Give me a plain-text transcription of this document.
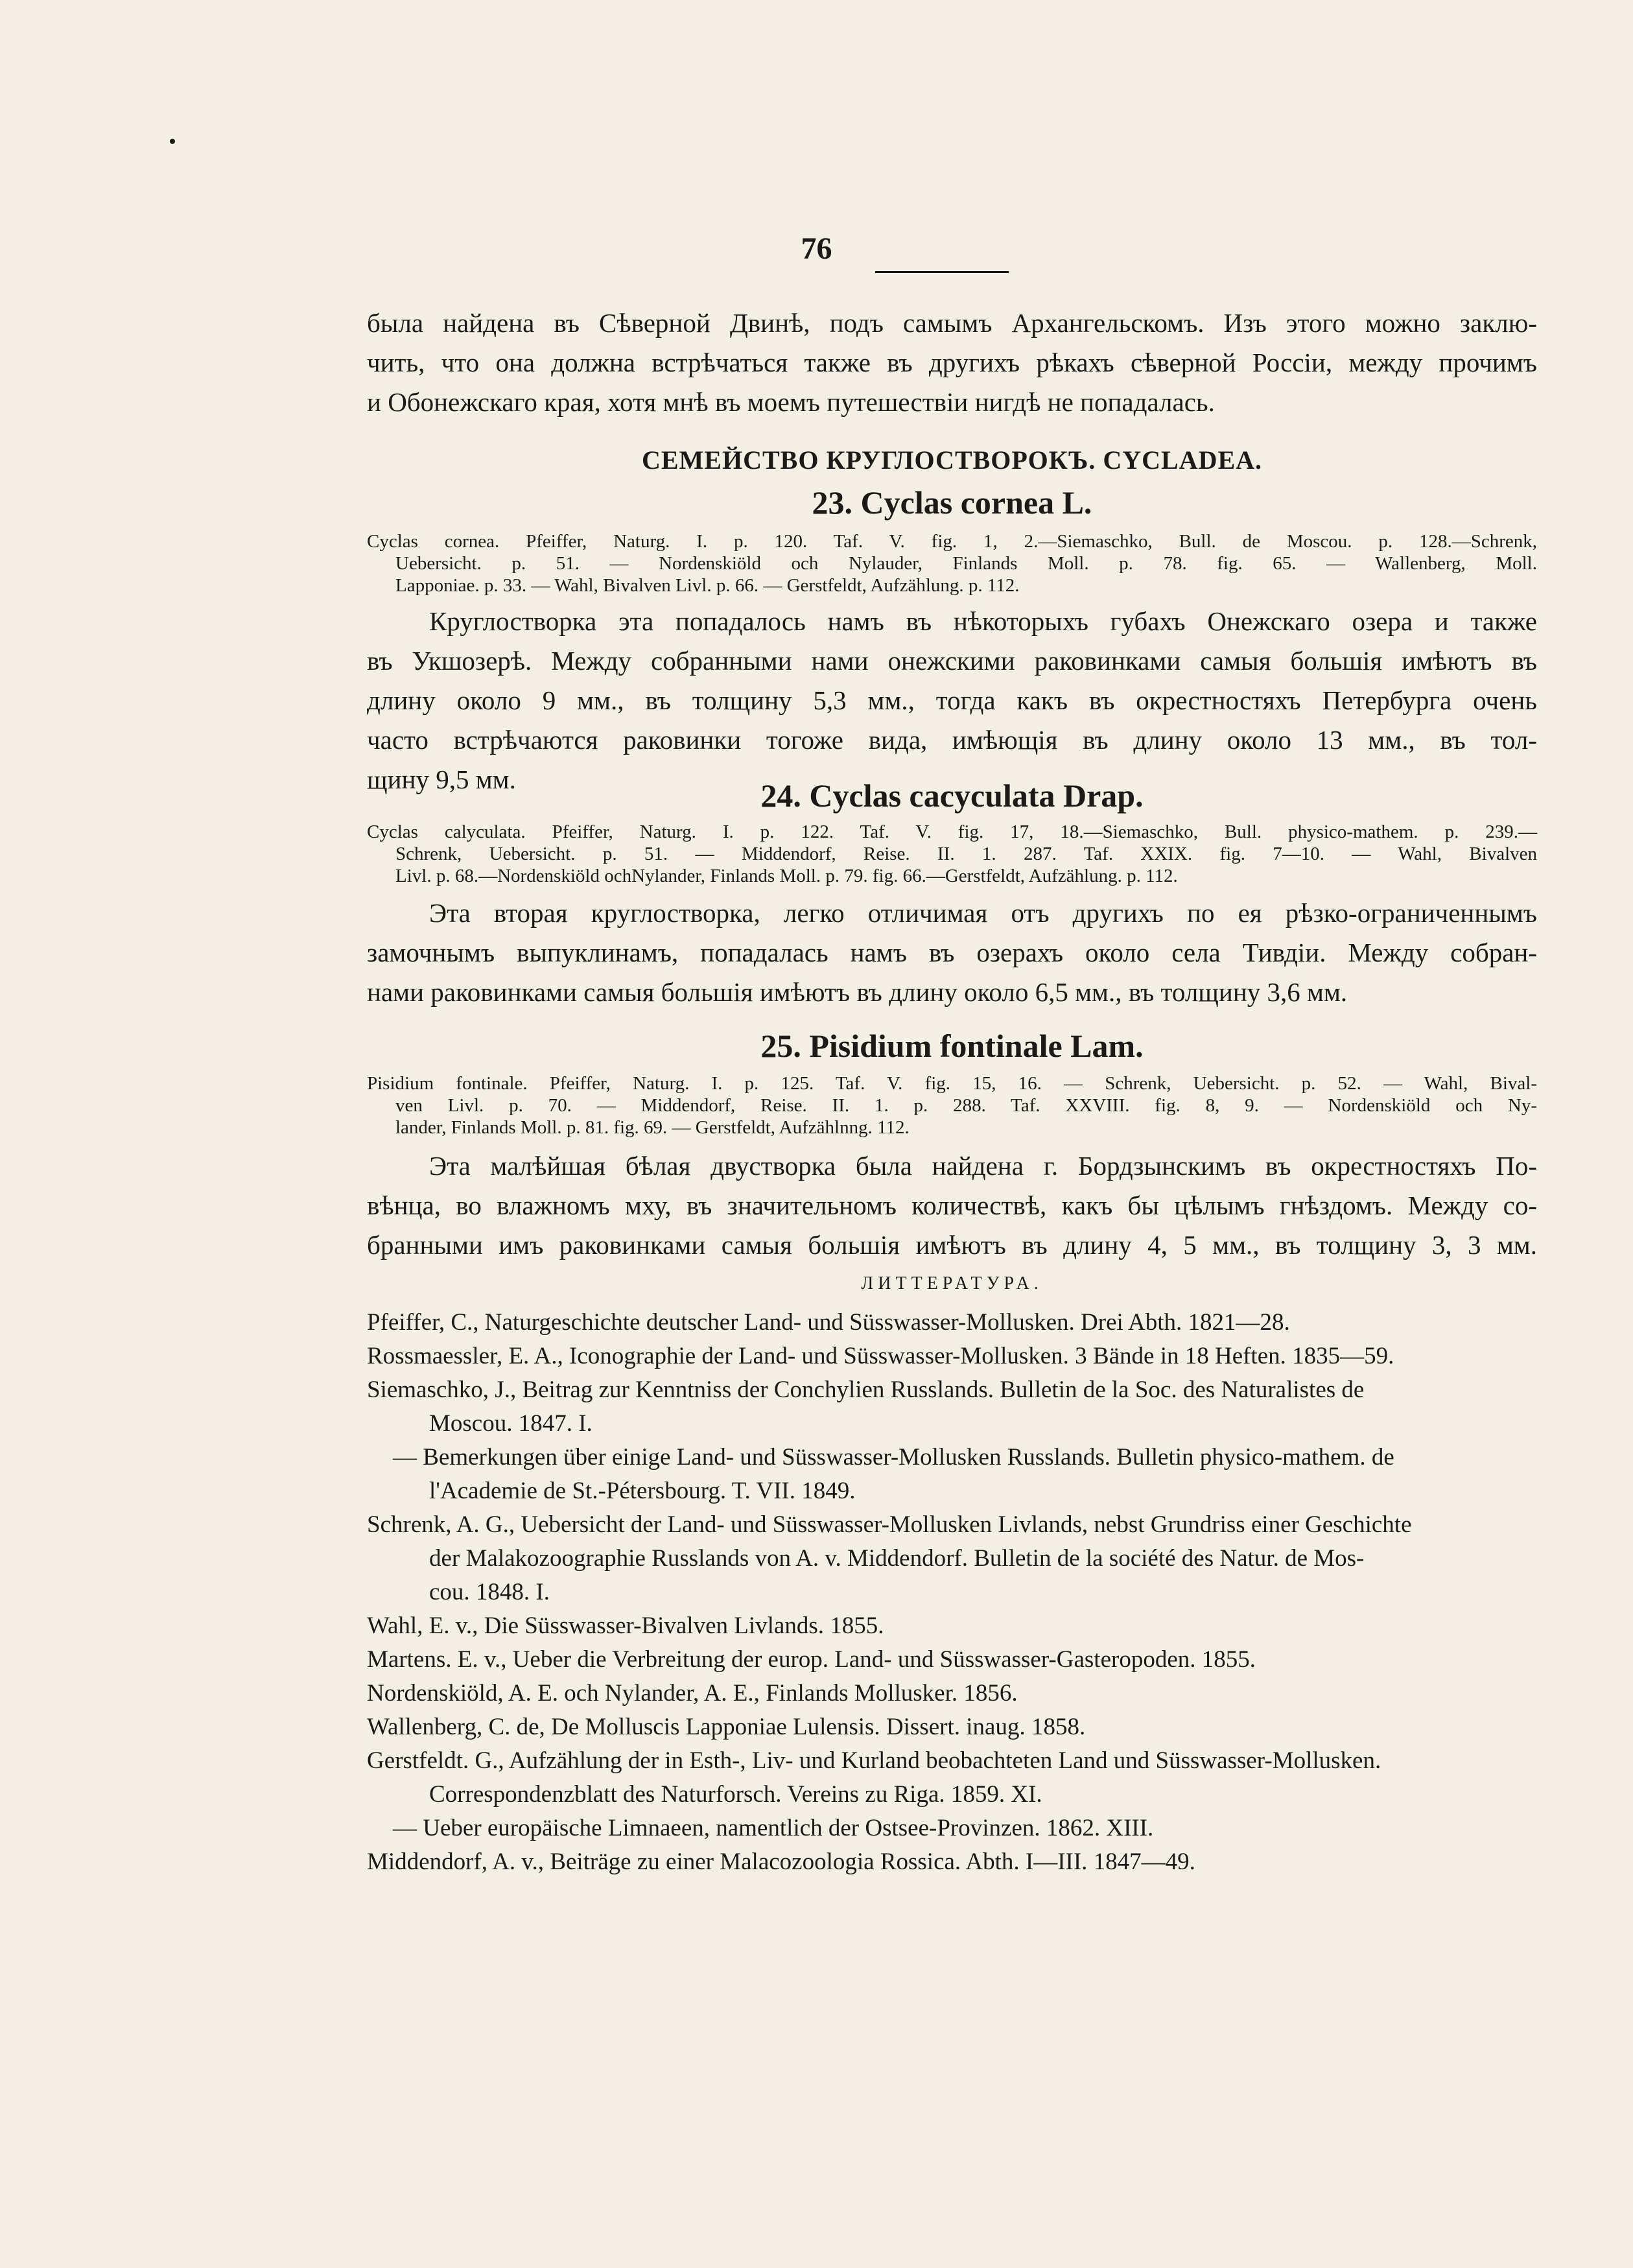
76

была найдена въ Сѣверной Двинѣ, подъ самымъ Архангельскомъ. Изъ этого можно заклю-
чить, что она должна встрѣчаться также въ другихъ рѣкахъ сѣверной Россіи, между прочимъ
и Обонежскаго края, хотя мнѣ въ моемъ путешествіи нигдѣ не попадалась.

СЕМЕЙСТВО КРУГЛОСТВОРОКЪ. CYCLADEA.

23. Cyclas cornea L.

Cyclas cornea. Pfeiffer, Naturg. I. p. 120. Taf. V. fig. 1, 2.—Siemaschko, Bull. de Moscou. p. 128.—Schrenk,
Uebersicht. p. 51. — Nordenskiöld och Nylauder, Finlands Moll. p. 78. fig. 65. — Wallenberg, Moll.
Lapponiae. p. 33. — Wahl, Bivalven Livl. p. 66. — Gerstfeldt, Aufzählung. p. 112.

Круглостворка эта попадалось намъ въ нѣкоторыхъ губахъ Онежскаго озера и также
въ Укшозерѣ. Между собранными нами онежскими раковинками самыя большія имѣютъ въ
длину около 9 мм., въ толщину 5,3 мм., тогда какъ въ окрестностяхъ Петербурга очень
часто встрѣчаются раковинки тогоже вида, имѣющія въ длину около 13 мм., въ тол-
щину 9,5 мм.	24. Cyclas cacyculata Drap.

Cyclas calyculata. Pfeiffer, Naturg. I. p. 122. Taf. V. fig. 17, 18.—Siemaschko, Bull. physico-mathem. p. 239.—
Schrenk, Uebersicht. p. 51. — Middendorf, Reise. II. 1. 287. Taf. XXIX. fig. 7—10. — Wahl, Bivalven
Livl. p. 68.—Nordenskiöld ochNylander, Finlands Moll. p. 79. fig. 66.—Gerstfeldt, Aufzählung. p. 112.

Эта вторая круглостворка, легко отличимая отъ другихъ по ея рѣзко-ограниченнымъ
замочнымъ выпуклинамъ, попадалась намъ въ озерахъ около села Тивдіи. Между собран-
нами раковинками самыя большія имѣютъ въ длину около 6,5 мм., въ толщину 3,6 мм.

25. Pisidium fontinale Lam.

Pisidium fontinale. Pfeiffer, Naturg. I. p. 125. Taf. V. fig. 15, 16. — Schrenk, Uebersicht. p. 52. — Wahl, Bival-
ven Livl. p. 70. — Middendorf, Reise. II. 1. p. 288. Taf. XXVIII. fig. 8, 9. — Nordenskiöld och Ny-
lander, Finlands Moll. p. 81. fig. 69. — Gerstfeldt, Aufzählnng. 112.

Эта малѣйшая бѣлая двустворка была найдена г. Бордзынскимъ въ окрестностяхъ По-
вѣнца, во влажномъ мху, въ значительномъ количествѣ, какъ бы цѣлымъ гнѣздомъ. Между со-
бранными имъ раковинками самыя большія имѣютъ въ длину 4, 5 мм., въ толщину 3, 3 мм.

ЛИТТЕРАТУРА.

Pfeiffer, C., Naturgeschichte deutscher Land- und Süsswasser-Mollusken. Drei Abth. 1821—28.
Rossmaessler, E. A., Iconographie der Land- und Süsswasser-Mollusken. 3 Bände in 18 Heften. 1835—59.
Siemaschko, J., Beitrag zur Kenntniss der Conchylien Russlands. Bulletin de la Soc. des Naturalistes de
Moscou. 1847. I.
— Bemerkungen über einige Land- und Süsswasser-Mollusken Russlands. Bulletin physico-mathem. de
l'Academie de St.-Pétersbourg. T. VII. 1849.
Schrenk, A. G., Uebersicht der Land- und Süsswasser-Mollusken Livlands, nebst Grundriss einer Geschichte
der Malakozoographie Russlands von A. v. Middendorf. Bulletin de la société des Natur. de Mos-
cou. 1848. I.
Wahl, E. v., Die Süsswasser-Bivalven Livlands. 1855.
Martens. E. v., Ueber die Verbreitung der europ. Land- und Süsswasser-Gasteropoden. 1855.
Nordenskiöld, A. E. och Nylander, A. E., Finlands Mollusker. 1856.
Wallenberg, C. de, De Molluscis Lapponiae Lulensis. Dissert. inaug. 1858.
Gerstfeldt. G., Aufzählung der in Esth-, Liv- und Kurland beobachteten Land und Süsswasser-Mollusken.
Correspondenzblatt des Naturforsch. Vereins zu Riga. 1859. XI.
— Ueber europäische Limnaeen, namentlich der Ostsee-Provinzen. 1862. XIII.
Middendorf, A. v., Beiträge zu einer Malacozoologia Rossica. Abth. I—III. 1847—49.
